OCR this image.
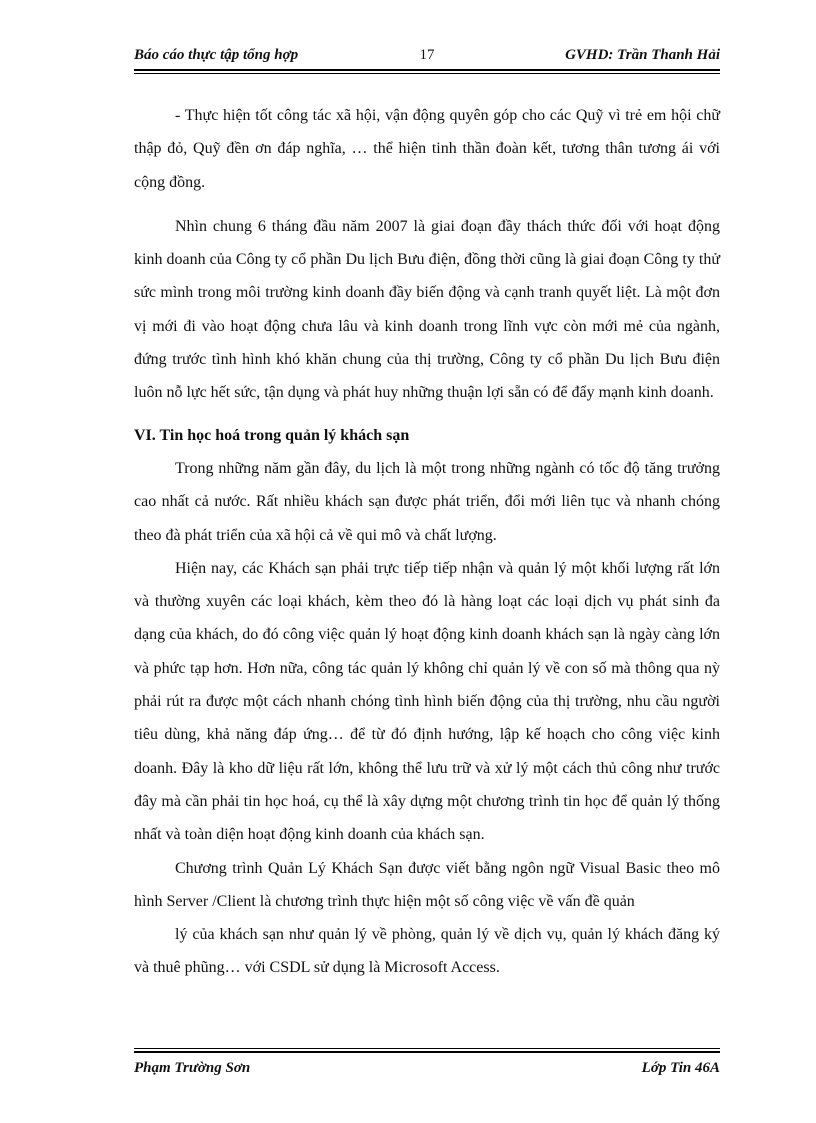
Báo cáo thực tập tổng hợp	17	GVHD: Trần Thanh Hải

- Thực hiện tốt công tác xã hội, vận động quyên góp cho các Quỹ vì trẻ em hội chữ thập đỏ, Quỹ đền ơn đáp nghĩa, … thể hiện tinh thần đoàn kết, tương thân tương ái với cộng đồng.

Nhìn chung 6 tháng đầu năm 2007 là giai đoạn đầy thách thức đối với hoạt động kinh doanh của Công ty cổ phần Du lịch Bưu điện, đồng thời cũng là giai đoạn Công ty thử sức mình trong môi trường kinh doanh đầy biến động và cạnh tranh quyết liệt. Là một đơn vị mới đi vào hoạt động chưa lâu và kinh doanh trong lĩnh vực còn mới mẻ của ngành, đứng trước tình hình khó khăn chung của thị trường, Công ty cổ phần Du lịch Bưu điện luôn nỗ lực hết sức, tận dụng và phát huy những thuận lợi sẵn có để đẩy mạnh kinh doanh.

VI. Tin học hoá trong quản lý khách sạn

Trong những năm gần đây, du lịch là một trong những ngành có tốc độ tăng trưởng cao nhất cả nước. Rất nhiều khách sạn được phát triển, đổi mới liên tục và nhanh chóng theo đà phát triển của xã hội cả về qui mô và chất lượng.

Hiện nay, các Khách sạn phải trực tiếp tiếp nhận và quản lý một khối lượng rất lớn và thường xuyên các loại khách, kèm theo đó là hàng loạt các loại dịch vụ phát sinh đa dạng của khách, do đó công việc quản lý hoạt động kinh doanh khách sạn là ngày càng lớn và phức tạp hơn. Hơn nữa, công tác quản lý không chỉ quản lý về con số mà thông qua nỳ phải rút ra được một cách nhanh chóng tình hình biến động của thị trường, nhu cầu người tiêu dùng, khả năng đáp ứng… để từ đó định hướng, lập kế hoạch cho công việc kinh doanh. Đây là kho dữ liệu rất lớn, không thể lưu trữ và xử lý một cách thủ công như trước đây mà cần phải tin học hoá, cụ thể là xây dựng một chương trình tin học để quản lý thống nhất và toàn diện hoạt động kinh doanh của khách sạn.

Chương trình Quản Lý Khách Sạn được viết bằng ngôn ngữ Visual Basic theo mô hình Server /Client là chương trình thực hiện một số công việc về vấn đề quản
lý của khách sạn như quản lý về phòng, quản lý về dịch vụ, quản lý khách đăng ký và thuê phũng… với CSDL sử dụng là Microsoft Access.

Phạm Trường Sơn	Lớp Tin 46A
